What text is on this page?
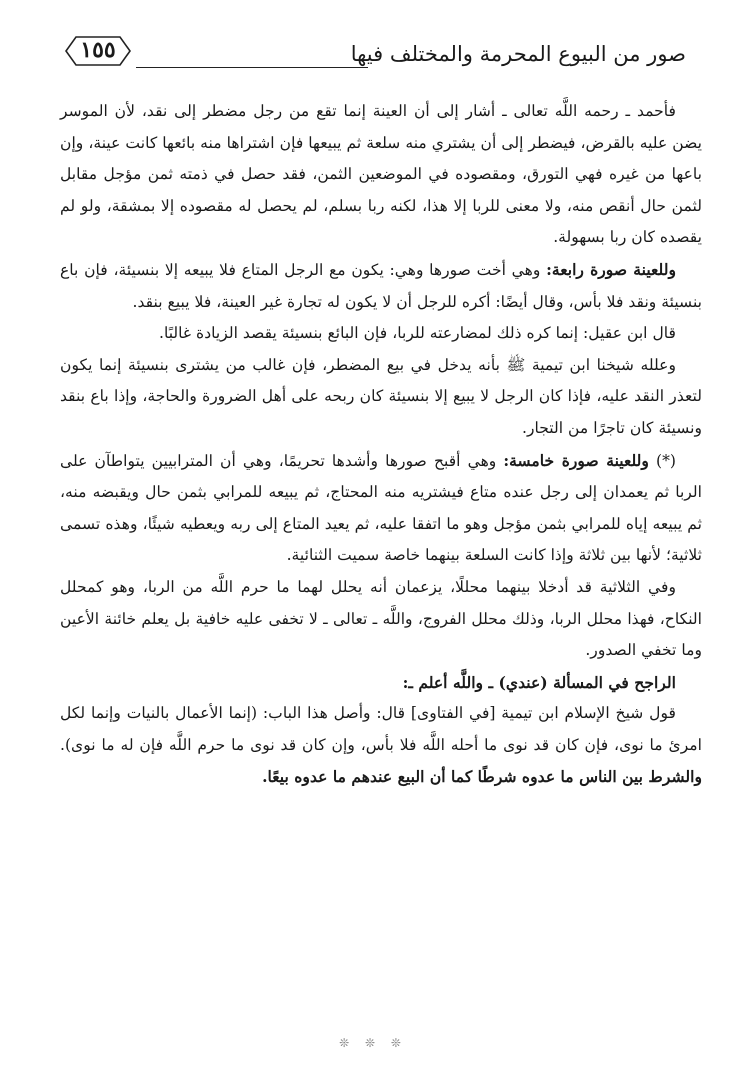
صور من البيوع المحرمة والمختلف فيها
١٥٥

فأحمد ـ رحمه اللَّه تعالى ـ أشار إلى أن العينة إنما تقع من رجل مضطر إلى نقد، لأن الموسر يضن عليه بالقرض، فيضطر إلى أن يشتري منه سلعة ثم يبيعها فإن اشتراها منه بائعها كانت عينة، وإن باعها من غيره فهي التورق، ومقصوده في الموضعين الثمن، فقد حصل في ذمته ثمن مؤجل مقابل لثمن حال أنقص منه، ولا معنى للربا إلا هذا، لكنه ربا بسلم، لم يحصل له مقصوده إلا بمشقة، ولو لم يقصده كان ربا بسهولة.

وللعينة صورة رابعة: وهي أخت صورها وهي: يكون مع الرجل المتاع فلا يبيعه إلا بنسيئة، فإن باع بنسيئة ونقد فلا بأس، وقال أيضًا: أكره للرجل أن لا يكون له تجارة غير العينة، فلا يبيع بنقد.

قال ابن عقيل: إنما كره ذلك لمضارعته للربا، فإن البائع بنسيئة يقصد الزيادة غالبًا.

وعلله شيخنا ابن تيمية ﷺ بأنه يدخل في بيع المضطر، فإن غالب من يشترى بنسيئة إنما يكون لتعذر النقد عليه، فإذا كان الرجل لا يبيع إلا بنسيئة كان ربحه على أهل الضرورة والحاجة، وإذا باع بنقد ونسيئة كان تاجرًا من التجار.

(*) وللعينة صورة خامسة: وهي أقبح صورها وأشدها تحريمًا، وهي أن المترابيين يتواطآن على الربا ثم يعمدان إلى رجل عنده متاع فيشتريه منه المحتاج، ثم يبيعه للمرابي بثمن حال ويقبضه منه، ثم يبيعه إياه للمرابي بثمن مؤجل وهو ما اتفقا عليه، ثم يعيد المتاع إلى ربه ويعطيه شيئًا، وهذه تسمى ثلاثية؛ لأنها بين ثلاثة وإذا كانت السلعة بينهما خاصة سميت الثنائية.

وفي الثلاثية قد أدخلا بينهما محللًا، يزعمان أنه يحلل لهما ما حرم اللَّه من الربا، وهو كمحلل النكاح، فهذا محلل الربا، وذلك محلل الفروج، واللَّه ـ تعالى ـ لا تخفى عليه خافية بل يعلم خائنة الأعين وما تخفي الصدور.

الراجح في المسألة (عندي) ـ واللَّه أعلم ـ:

قول شيخ الإسلام ابن تيمية [في الفتاوى] قال: وأصل هذا الباب: (إنما الأعمال بالنيات وإنما لكل امرئ ما نوى، فإن كان قد نوى ما أحله اللَّه فلا بأس، وإن كان قد نوى ما حرم اللَّه فإن له ما نوى). والشرط بين الناس ما عدوه شرطًا كما أن البيع عندهم ما عدوه بيعًا.

❊ ❊ ❊
